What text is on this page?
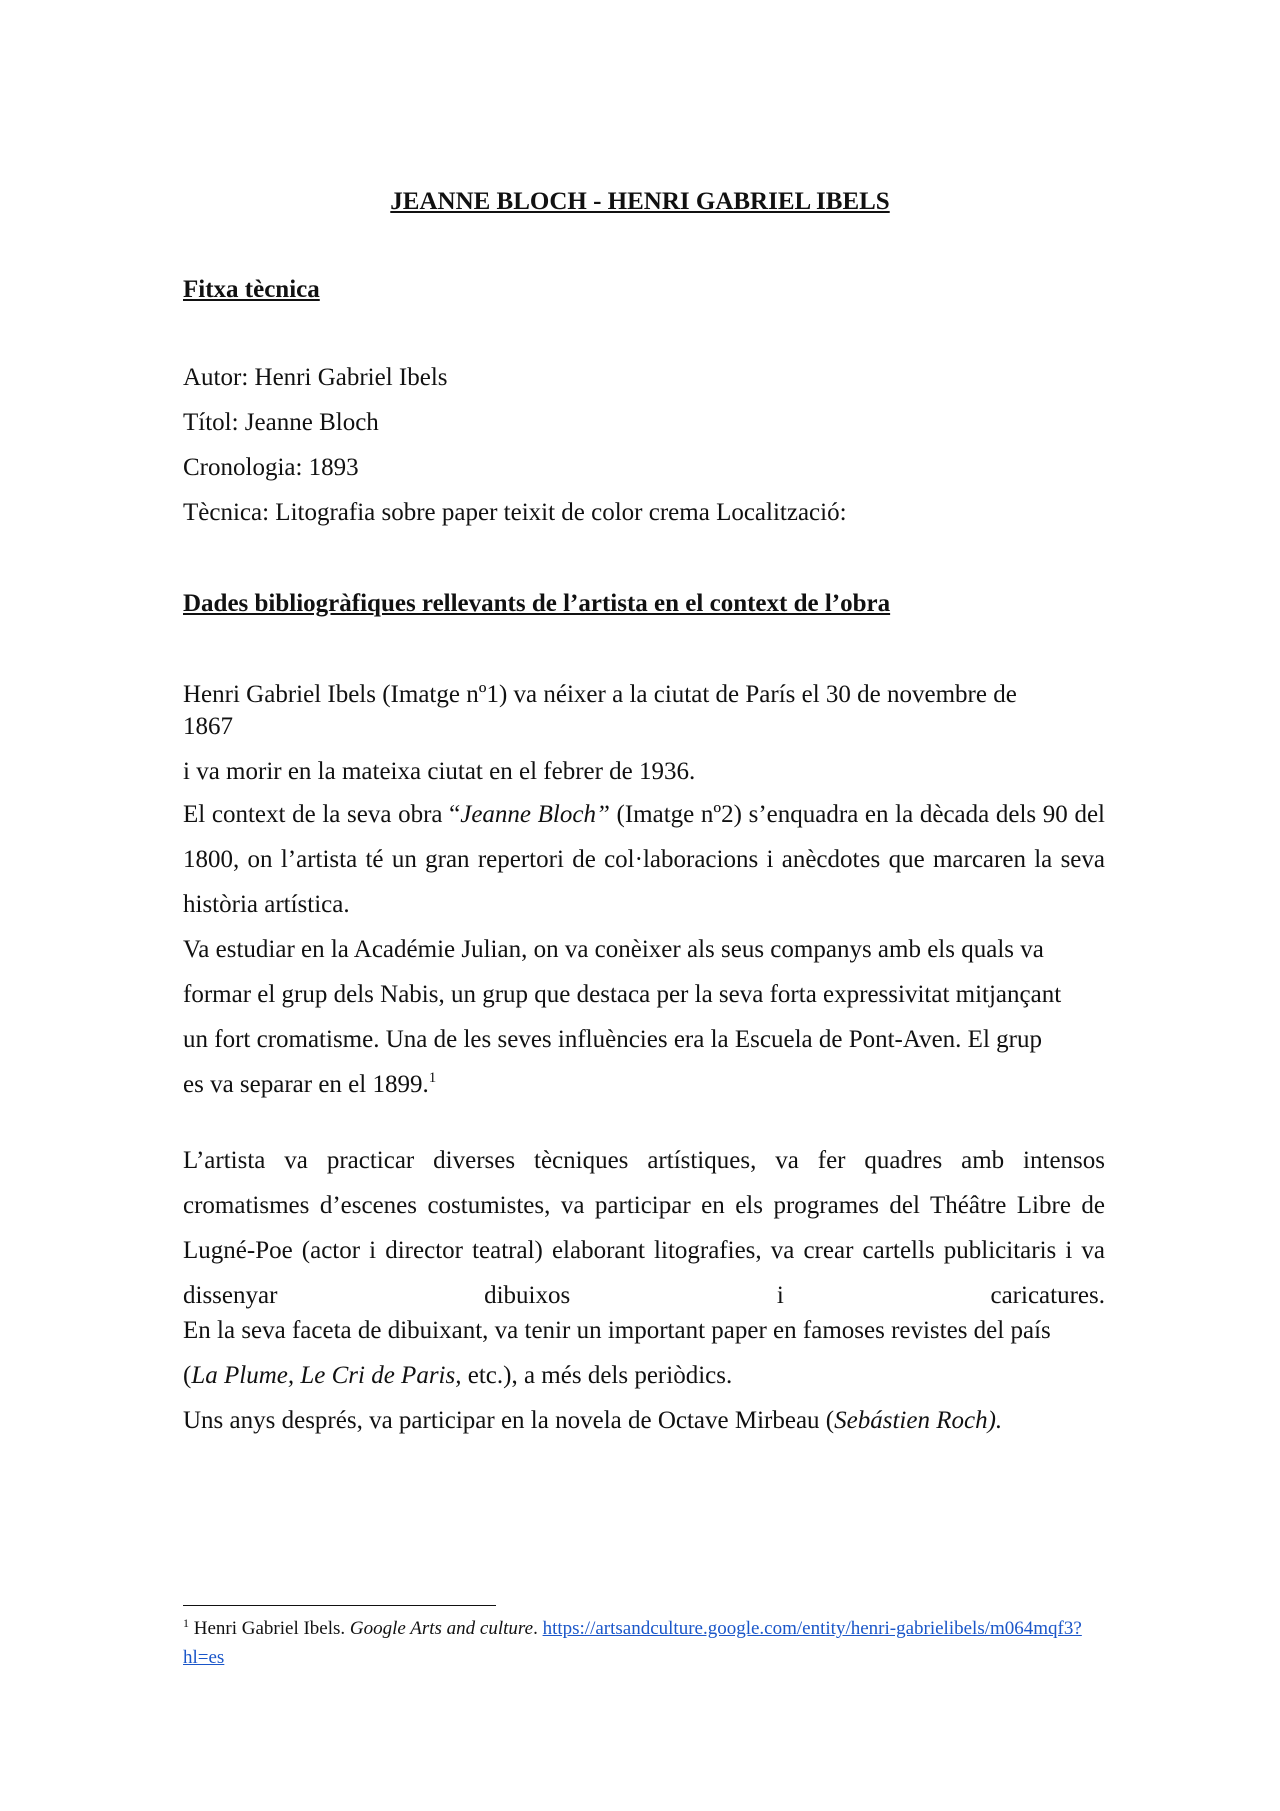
JEANNE BLOCH - HENRI GABRIEL IBELS
Fitxa tècnica

Autor: Henri Gabriel Ibels

Títol: Jeanne Bloch

Cronologia: 1893

Tècnica: Litografia sobre paper teixit de color crema Localització:

Dades bibliogràfiques rellevants de l’artista en el context de l’obra

Henri Gabriel Ibels (Imatge nº1) va néixer a la ciutat de París el 30 de novembre de

1867

i va morir en la mateixa ciutat en el febrer de 1936.

El context de la seva obra “Jeanne Bloch” (Imatge nº2) s’enquadra en la dècada dels 90 del 1800, on l’artista té un gran repertori de col·laboracions i anècdotes que marcaren la seva història artística.

Va estudiar en la Académie Julian, on va conèixer als seus companys amb els quals va

formar el grup dels Nabis, un grup que destaca per la seva forta expressivitat mitjançant

un fort cromatisme. Una de les seves influències era la Escuela de Pont-Aven. El grup

es va separar en el 1899.$^1$

L’artista va practicar diverses tècniques artístiques, va fer quadres amb intensos cromatismes d’escenes costumistes, va participar en els programes del Théâtre Libre de Lugné-Poe (actor i director teatral) elaborant litografies, va crear cartells publicitaris i va dissenyar dibuixos i caricatures.

En la seva faceta de dibuixant, va tenir un important paper en famoses revistes del país

(La Plume, Le Cri de Paris, etc.), a més dels periòdics.

Uns anys després, va participar en la novela de Octave Mirbeau (Sebástien Roch).

$^1$ Henri Gabriel Ibels. Google Arts and culture. https://artsandculture.google.com/entity/henri-gabrielibels/m064mqf3?hl=es
